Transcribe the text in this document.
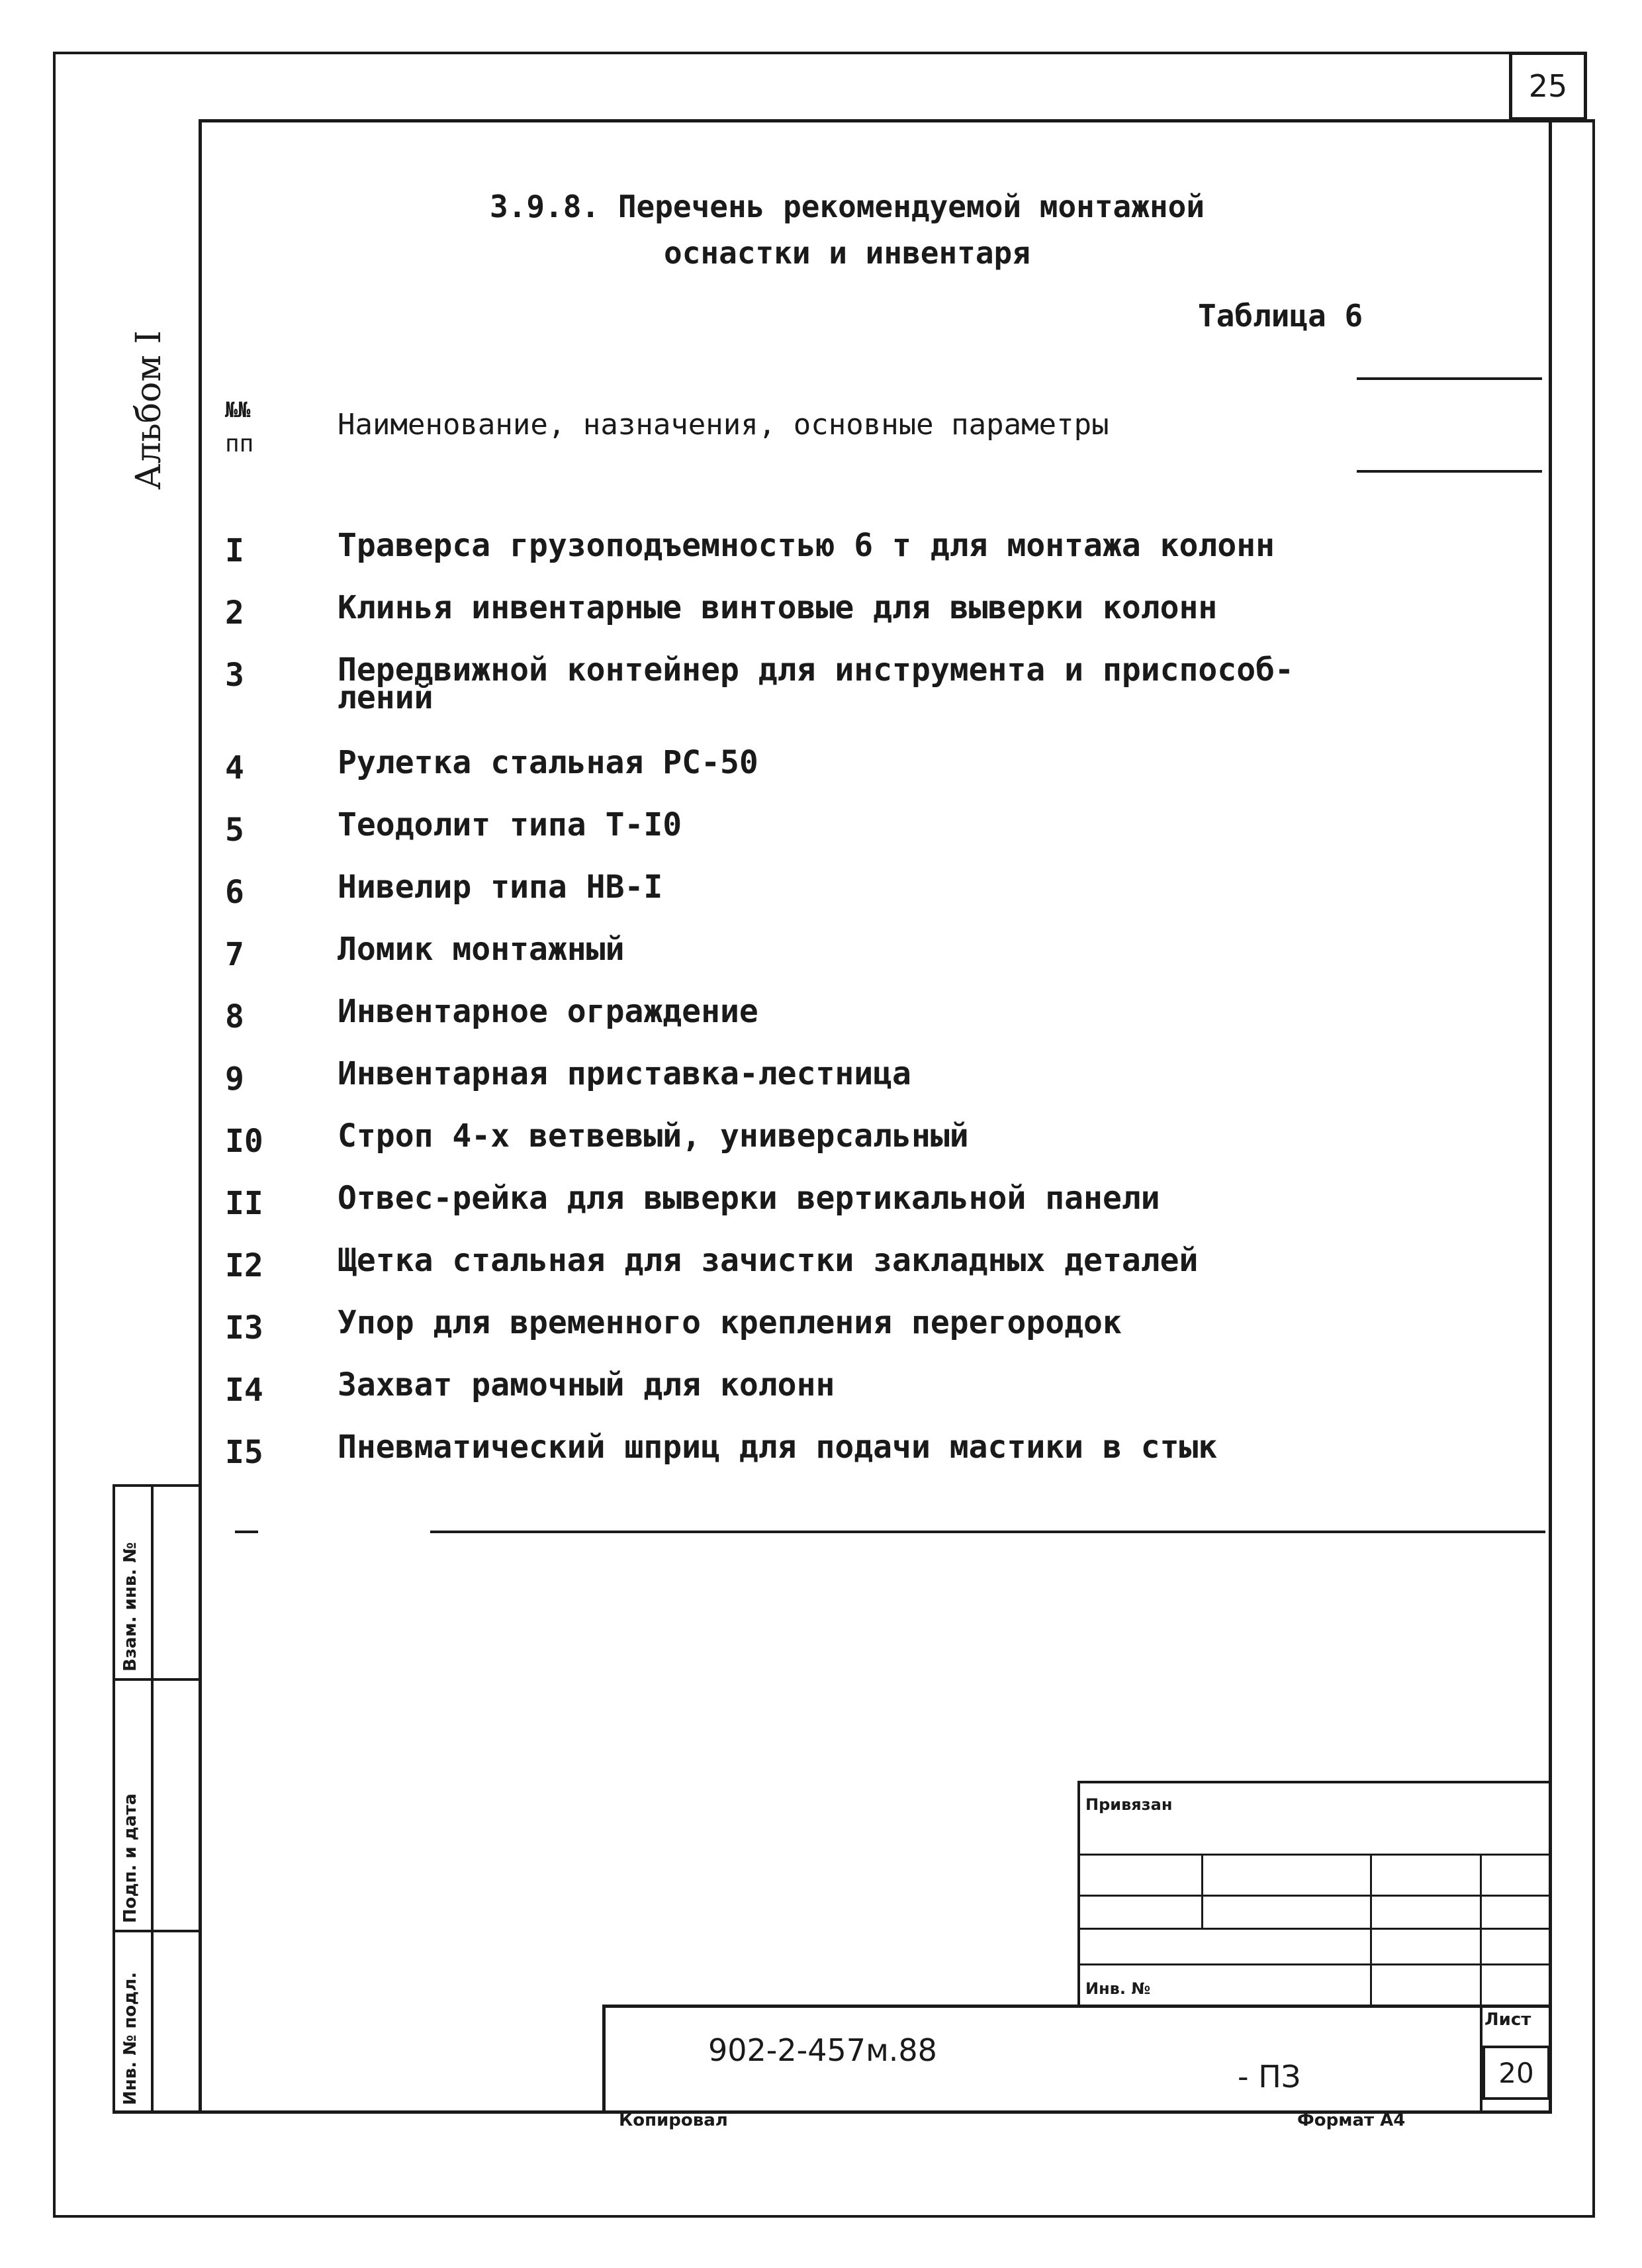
25
Альбом I
3.9.8. Перечень рекомендуемой монтажной
оснастки и инвентаря
Таблица 6
№№
пп
Наименование, назначения, основные параметры
I	Траверса грузоподъемностью 6 т для монтажа колонн
2	Клинья инвентарные винтовые для выверки колонн
3	Передвижной контейнер для инструмента и приспособ-
лений
4	Рулетка стальная РС-50
5	Теодолит типа Т-I0
6	Нивелир типа НВ-I
7	Ломик монтажный
8	Инвентарное ограждение
9	Инвентарная приставка-лестница
I0	Строп 4-х ветвевый, универсальный
II	Отвес-рейка для выверки вертикальной панели
I2	Щетка стальная для зачистки закладных деталей
I3	Упор для временного крепления перегородок
I4	Захват рамочный для колонн
I5	Пневматический шприц для подачи мастики в стык
Взам. инв. №
Подп. и дата
Инв. № подл.
Привязан
Инв. №
902-2-457м.88
- ПЗ
Лист
20
Копировал	Формат А4
